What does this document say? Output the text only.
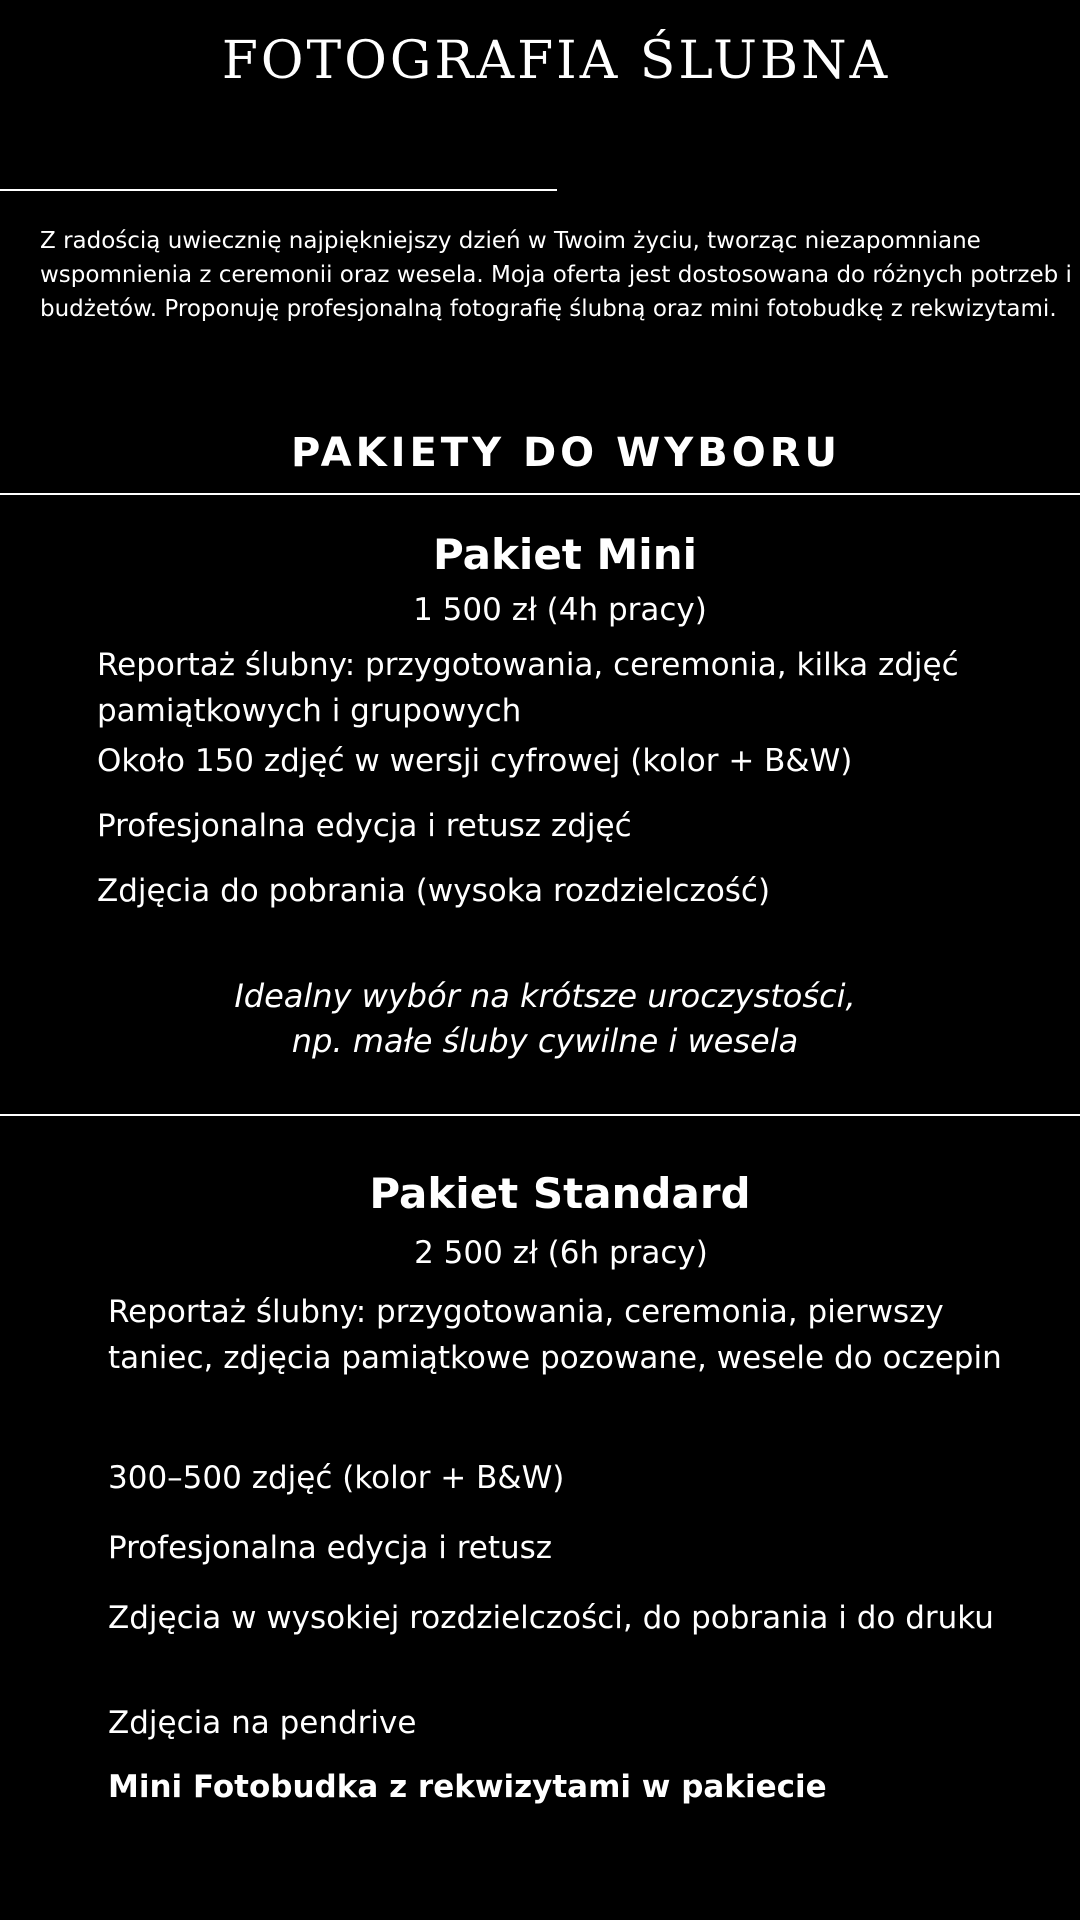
FOTOGRAFIA ŚLUBNA

Z radością uwiecznię najpiękniejszy dzień w Twoim życiu, tworząc niezapomniane wspomnienia z ceremonii oraz wesela. Moja oferta jest dostosowana do różnych potrzeb i budżetów. Proponuję profesjonalną fotografię ślubną oraz mini fotobudkę z rekwizytami.

PAKIETY DO WYBORU
Pakiet Mini
1 500 zł (4h pracy)

Reportaż ślubny: przygotowania, ceremonia, kilka zdjęć pamiątkowych i grupowych

Około 150 zdjęć w wersji cyfrowej (kolor + B&W)

Profesjonalna edycja i retusz zdjęć

Zdjęcia do pobrania (wysoka rozdzielczość)

Idealny wybór na krótsze uroczystości,
np. małe śluby cywilne i wesela
Pakiet Standard
2 500 zł (6h pracy)

Reportaż ślubny: przygotowania, ceremonia, pierwszy taniec, zdjęcia pamiątkowe pozowane, wesele do oczepin

300–500 zdjęć (kolor + B&W)

Profesjonalna edycja i retusz

Zdjęcia w wysokiej rozdzielczości, do pobrania i do druku

Zdjęcia na pendrive

Mini Fotobudka z rekwizytami w pakiecie
